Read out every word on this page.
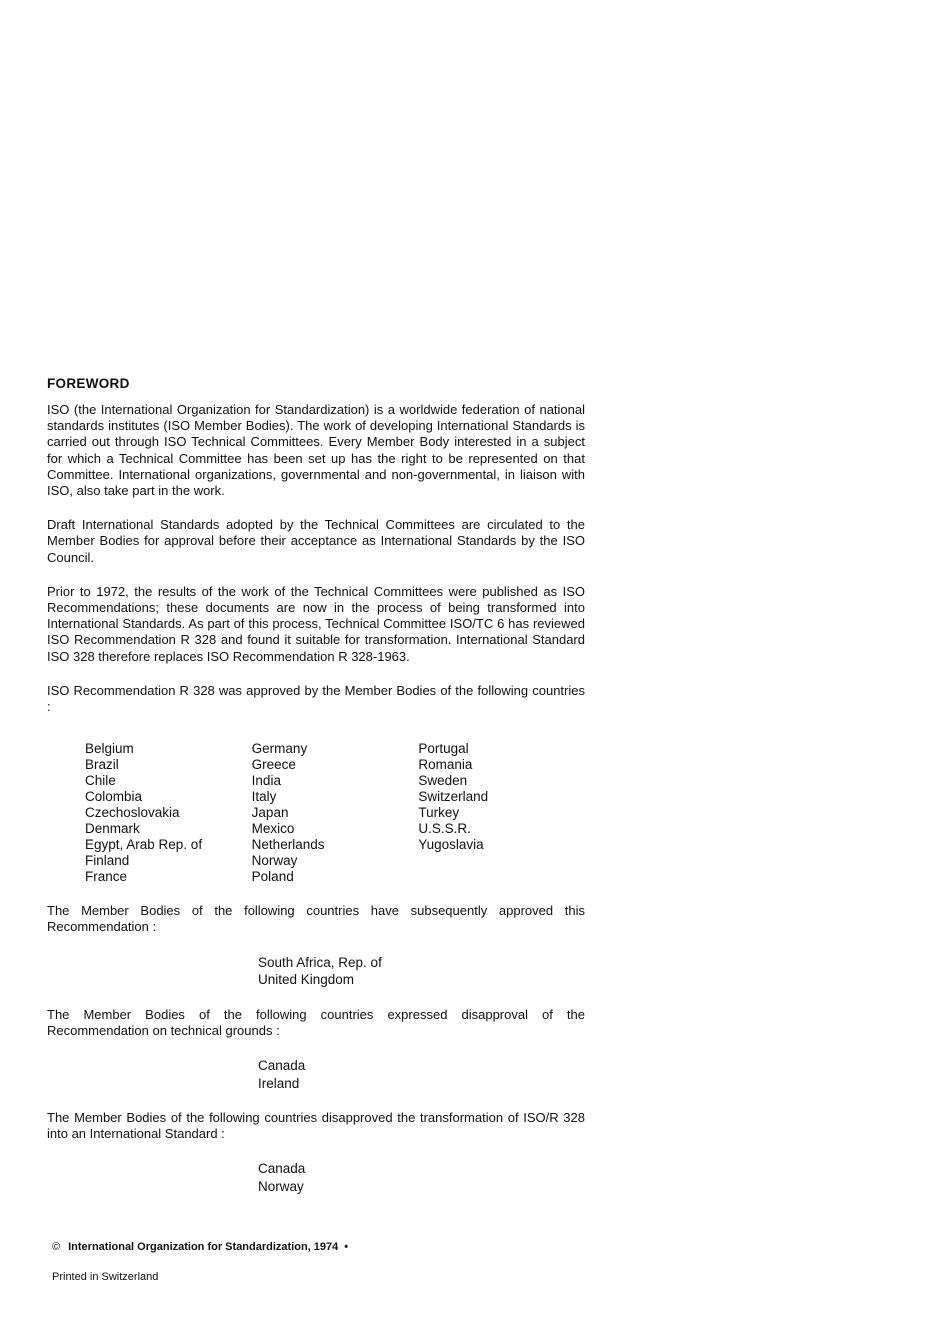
FOREWORD

ISO (the International Organization for Standardization) is a worldwide federation of national standards institutes (ISO Member Bodies). The work of developing International Standards is carried out through ISO Technical Committees. Every Member Body interested in a subject for which a Technical Committee has been set up has the right to be represented on that Committee. International organizations, governmental and non-governmental, in liaison with ISO, also take part in the work.

Draft International Standards adopted by the Technical Committees are circulated to the Member Bodies for approval before their acceptance as International Standards by the ISO Council.

Prior to 1972, the results of the work of the Technical Committees were published as ISO Recommendations; these documents are now in the process of being transformed into International Standards. As part of this process, Technical Committee ISO/TC 6 has reviewed ISO Recommendation R 328 and found it suitable for transformation. International Standard ISO 328 therefore replaces ISO Recommendation R 328-1963.

ISO Recommendation R 328 was approved by the Member Bodies of the following countries :

Belgium
Brazil
Chile
Colombia
Czechoslovakia
Denmark
Egypt, Arab Rep. of
Finland
France
Germany
Greece
India
Italy
Japan
Mexico
Netherlands
Norway
Poland
Portugal
Romania
Sweden
Switzerland
Turkey
U.S.S.R.
Yugoslavia

The Member Bodies of the following countries have subsequently approved this Recommendation :

South Africa, Rep. of
United Kingdom

The Member Bodies of the following countries expressed disapproval of the Recommendation on technical grounds :

Canada
Ireland

The Member Bodies of the following countries disapproved the transformation of ISO/R 328 into an International Standard :

Canada
Norway
© International Organization for Standardization, 1974 •
Printed in Switzerland
